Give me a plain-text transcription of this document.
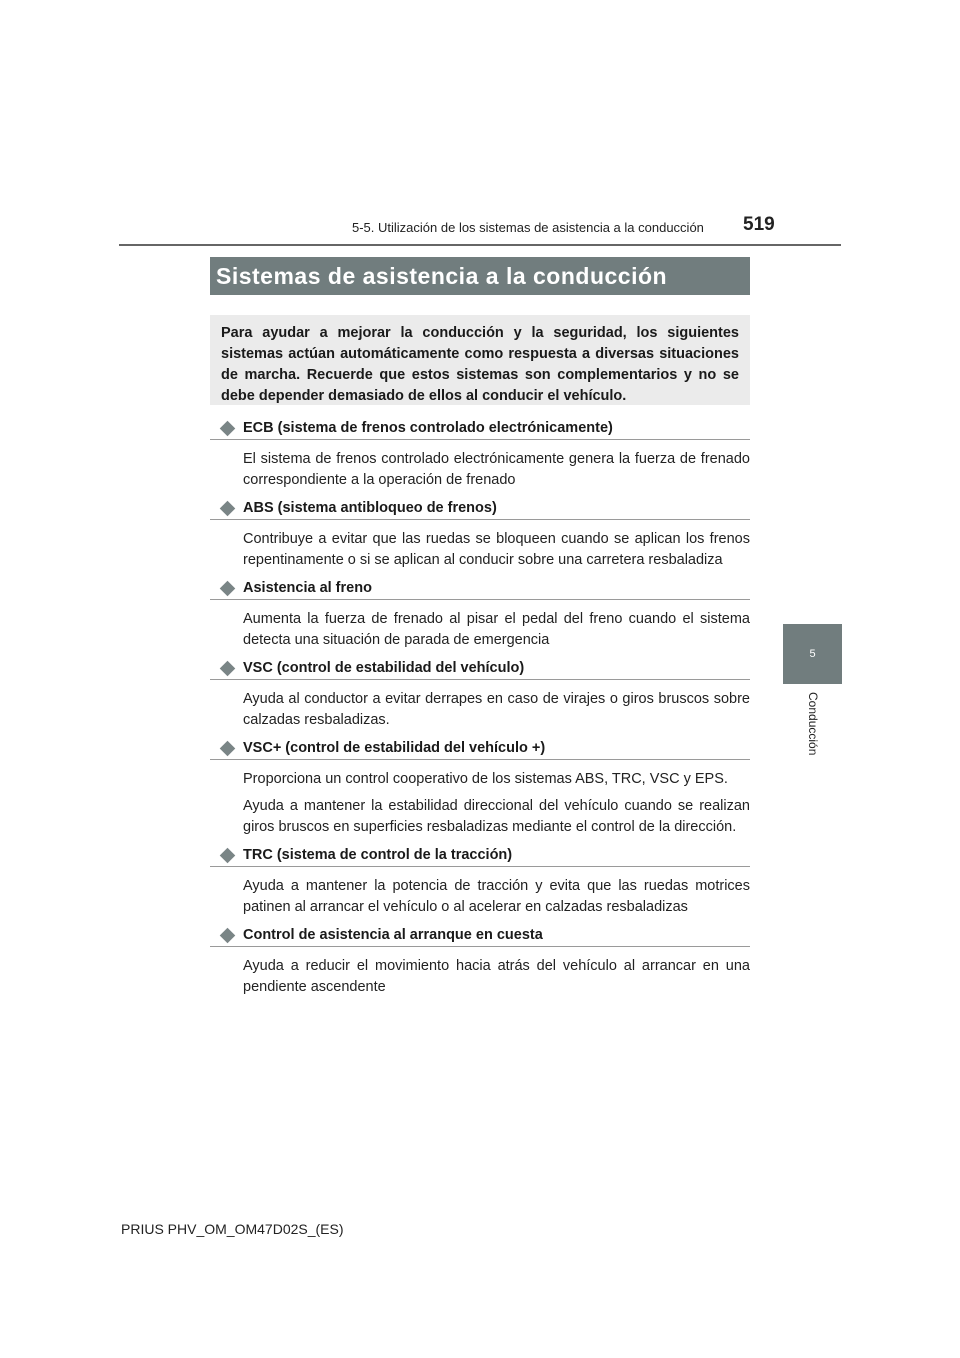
5-5. Utilización de los sistemas de asistencia a la conducción 519
Sistemas de asistencia a la conducción
Para ayudar a mejorar la conducción y la seguridad, los siguientes sistemas actúan automáticamente como respuesta a diversas situaciones de marcha. Recuerde que estos sistemas son complementarios y no se debe depender demasiado de ellos al conducir el vehículo.
ECB (sistema de frenos controlado electrónicamente)

El sistema de frenos controlado electrónicamente genera la fuerza de frenado correspondiente a la operación de frenado

ABS (sistema antibloqueo de frenos)

Contribuye a evitar que las ruedas se bloqueen cuando se aplican los frenos repentinamente o si se aplican al conducir sobre una carretera resbaladiza

Asistencia al freno

Aumenta la fuerza de frenado al pisar el pedal del freno cuando el sistema detecta una situación de parada de emergencia

VSC (control de estabilidad del vehículo)

Ayuda al conductor a evitar derrapes en caso de virajes o giros bruscos sobre calzadas resbaladizas.

VSC+ (control de estabilidad del vehículo +)

Proporciona un control cooperativo de los sistemas ABS, TRC, VSC y EPS.

Ayuda a mantener la estabilidad direccional del vehículo cuando se realizan giros bruscos en superficies resbaladizas mediante el control de la dirección.

TRC (sistema de control de la tracción)

Ayuda a mantener la potencia de tracción y evita que las ruedas motrices patinen al arrancar el vehículo o al acelerar en calzadas resbaladizas

Control de asistencia al arranque en cuesta

Ayuda a reducir el movimiento hacia atrás del vehículo al arrancar en una pendiente ascendente

5
Conducción
PRIUS PHV_OM_OM47D02S_(ES)
